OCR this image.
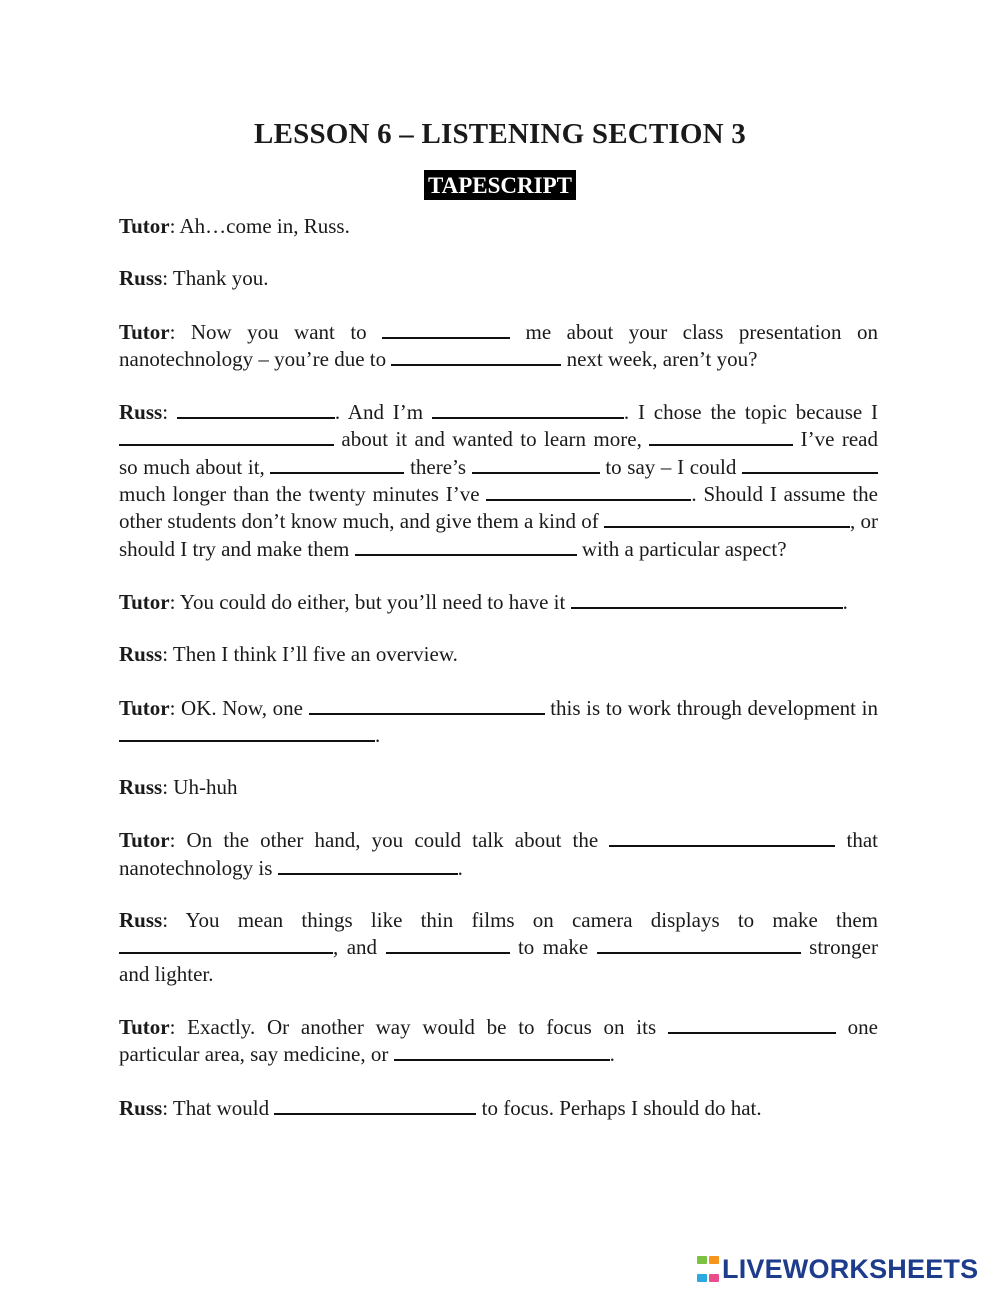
LESSON 6 – LISTENING SECTION 3
TAPESCRIPT

Tutor: Ah…come in, Russ.

Russ: Thank you.

Tutor: Now you want to	me about your class presentation on nanotechnology – you’re due to	next week, aren’t you?

Russ:	. And I’m	. I chose the topic because I  about it and wanted to learn more,	I’ve read so much about it,	there’s	to say – I could  much longer than the twenty minutes I’ve	. Should I assume the other students don’t know much, and give them a kind of	, or should I try and make them	with a particular aspect?

Tutor: You could do either, but you’ll need to have it	.

Russ: Then I think I’ll five an overview.

Tutor: OK. Now, one	this is to work through development in .

Russ: Uh-huh

Tutor: On the other hand, you could talk about the	that nanotechnology is	.

Russ: You mean things like thin films on camera displays to make them , and	to make	stronger and lighter.

Tutor: Exactly. Or another way would be to focus on its	one particular area, say medicine, or	.

Russ: That would	to focus. Perhaps I should do hat.

LIVEWORKSHEETS
